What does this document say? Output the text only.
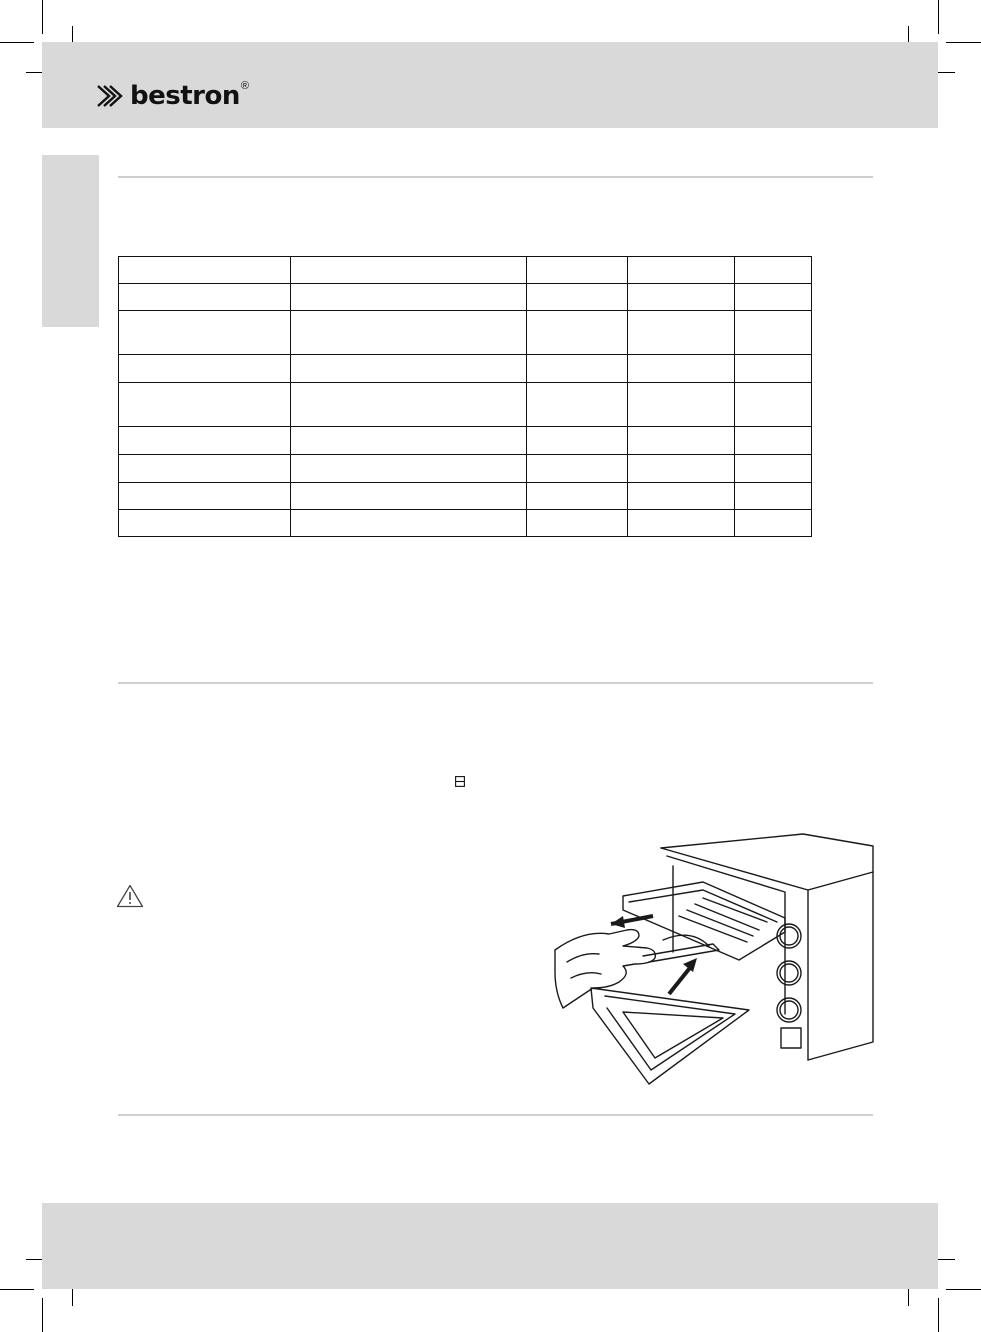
bestron ®
